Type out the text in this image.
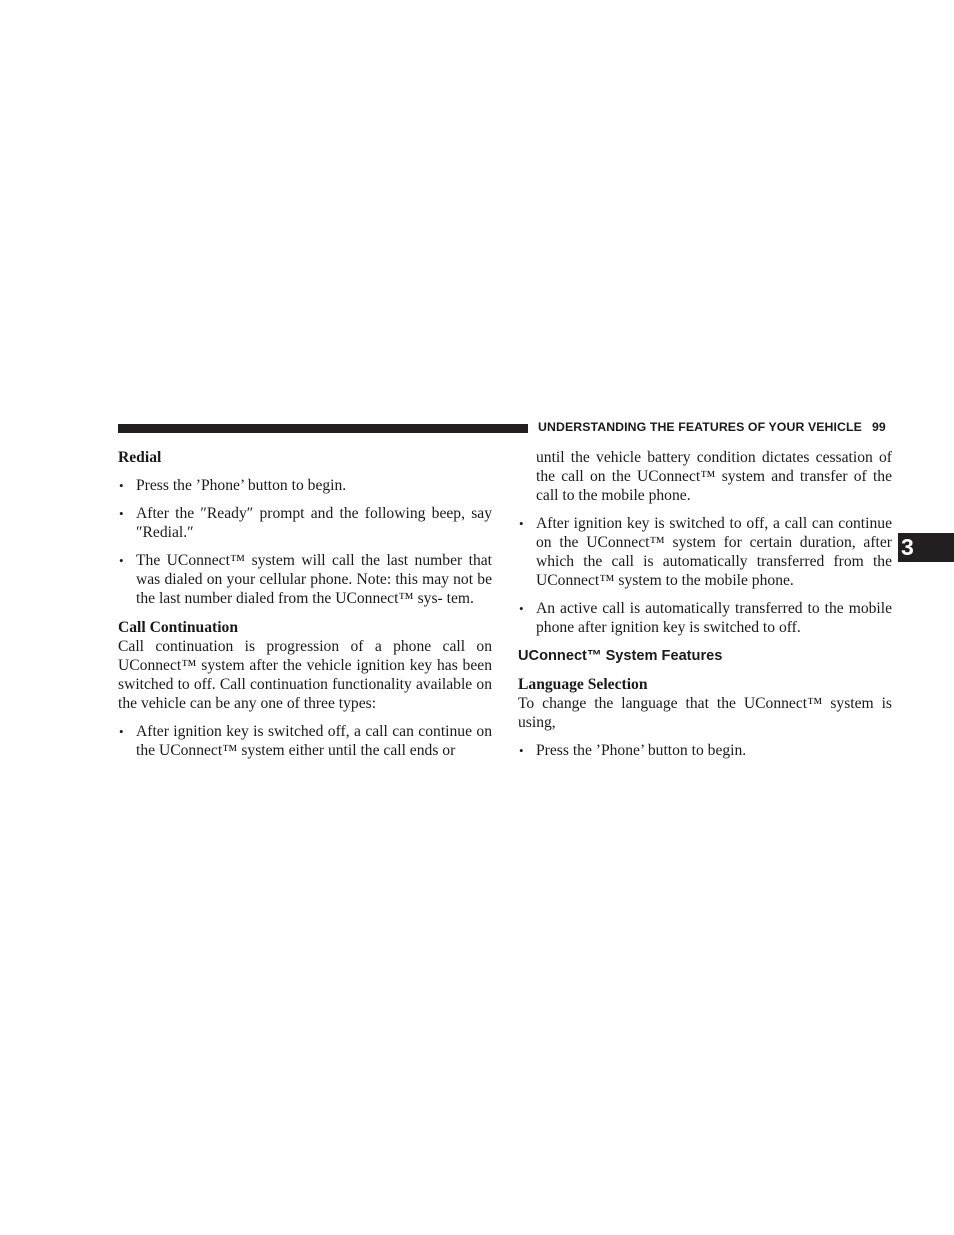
UNDERSTANDING THE FEATURES OF YOUR VEHICLE 99
3
Redial
• Press the ’Phone’ button to begin.
• After the ″Ready″ prompt and the following beep, say ″Redial.″
• The UConnect™ system will call the last number that was dialed on your cellular phone. Note: this may not be the last number dialed from the UConnect™ sys- tem.
Call Continuation

Call continuation is progression of a phone call on UConnect™ system after the vehicle ignition key has been switched to off. Call continuation functionality available on the vehicle can be any one of three types:

• After ignition key is switched off, a call can continue on the UConnect™ system either until the call ends or

until the vehicle battery condition dictates cessation of the call on the UConnect™ system and transfer of the call to the mobile phone.

• After ignition key is switched to off, a call can continue on the UConnect™ system for certain duration, after which the call is automatically transferred from the UConnect™ system to the mobile phone.
• An active call is automatically transferred to the mobile phone after ignition key is switched to off.
UConnect™ System Features
Language Selection

To change the language that the UConnect™ system is using,

• Press the ’Phone’ button to begin.
